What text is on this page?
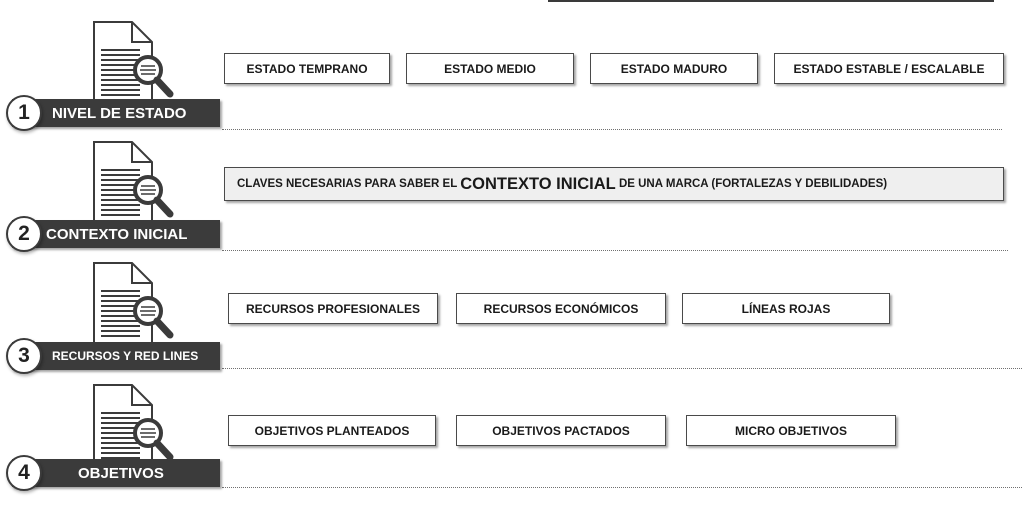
1	NIVEL DE ESTADO
ESTADO TEMPRANO	ESTADO MEDIO	ESTADO MADURO	ESTADO ESTABLE / ESCALABLE
2	CONTEXTO INICIAL
CLAVES NECESARIAS PARA SABER EL CONTEXTO INICIAL DE UNA MARCA (FORTALEZAS Y DEBILIDADES)
3	RECURSOS Y RED LINES
RECURSOS PROFESIONALES	RECURSOS ECONÓMICOS	LÍNEAS ROJAS
4	OBJETIVOS
OBJETIVOS PLANTEADOS	OBJETIVOS PACTADOS	MICRO OBJETIVOS
